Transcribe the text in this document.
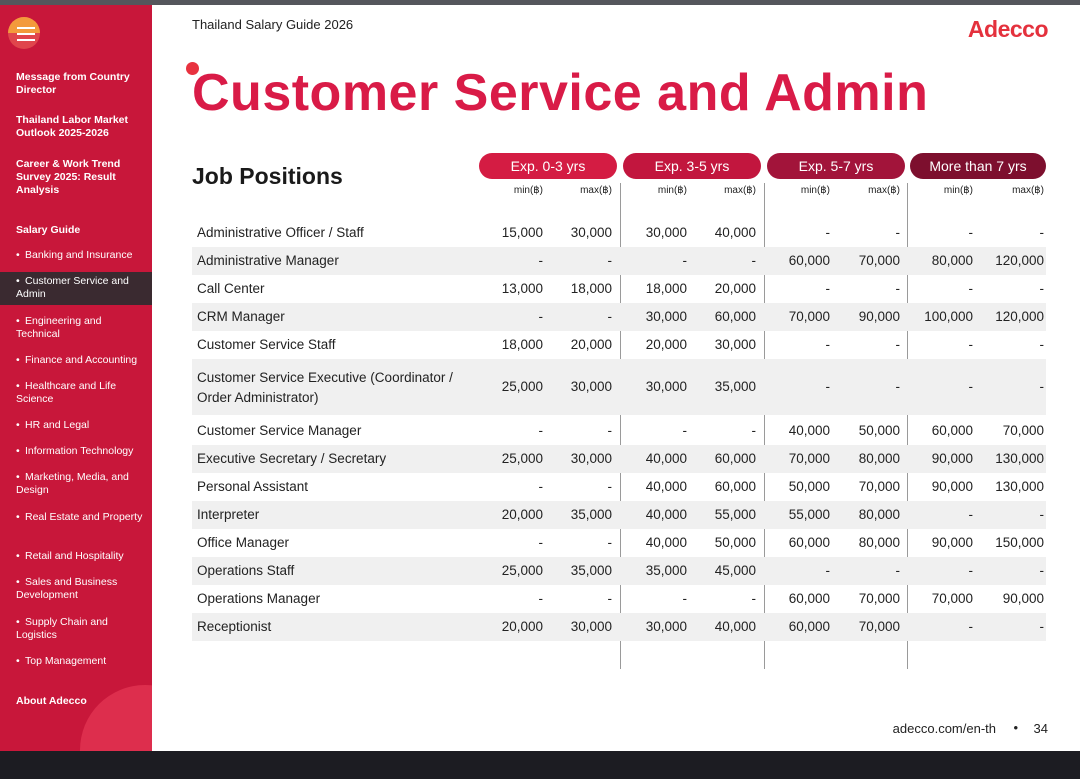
Message from Country Director
Thailand Labor Market Outlook 2025-2026
Career & Work Trend Survey 2025: Result Analysis
Salary Guide
• Banking and Insurance
• Customer Service and Admin
• Engineering and Technical
• Finance and Accounting
• Healthcare and Life Science
• HR and Legal
• Information Technology
• Marketing, Media, and Design
• Real Estate and Property
• Retail and Hospitality
• Sales and Business Development
• Supply Chain and Logistics
• Top Management
About Adecco
Thailand Salary Guide 2026	Adecco
Customer Service and Admin
Job Positions	Exp. 0-3 yrs	Exp. 3-5 yrs	Exp. 5-7 yrs	More than 7 yrs
min(฿)	max(฿)	min(฿)	max(฿)	min(฿)	max(฿)	min(฿)	max(฿)
Administrative Officer / Staff	15,000	30,000	30,000	40,000	-	-	-	-
Administrative Manager	-	-	-	-	60,000	70,000	80,000	120,000
Call Center	13,000	18,000	18,000	20,000	-	-	-	-
CRM Manager	-	-	30,000	60,000	70,000	90,000	100,000	120,000
Customer Service Staff	18,000	20,000	20,000	30,000	-	-	-	-
Customer Service Executive (Coordinator / Order Administrator)
25,000	30,000	30,000	35,000	-	-	-	-
Customer Service Manager	-	-	-	-	40,000	50,000	60,000	70,000
Executive Secretary / Secretary	25,000	30,000	40,000	60,000	70,000	80,000	90,000	130,000
Personal Assistant	-	-	40,000	60,000	50,000	70,000	90,000	130,000
Interpreter	20,000	35,000	40,000	55,000	55,000	80,000	-	-
Office Manager	-	-	40,000	50,000	60,000	80,000	90,000	150,000
Operations Staff	25,000	35,000	35,000	45,000	-	-	-	-
Operations Manager	-	-	-	-	60,000	70,000	70,000	90,000
Receptionist	20,000	30,000	30,000	40,000	60,000	70,000	-	-
adecco.com/en-th • 34
